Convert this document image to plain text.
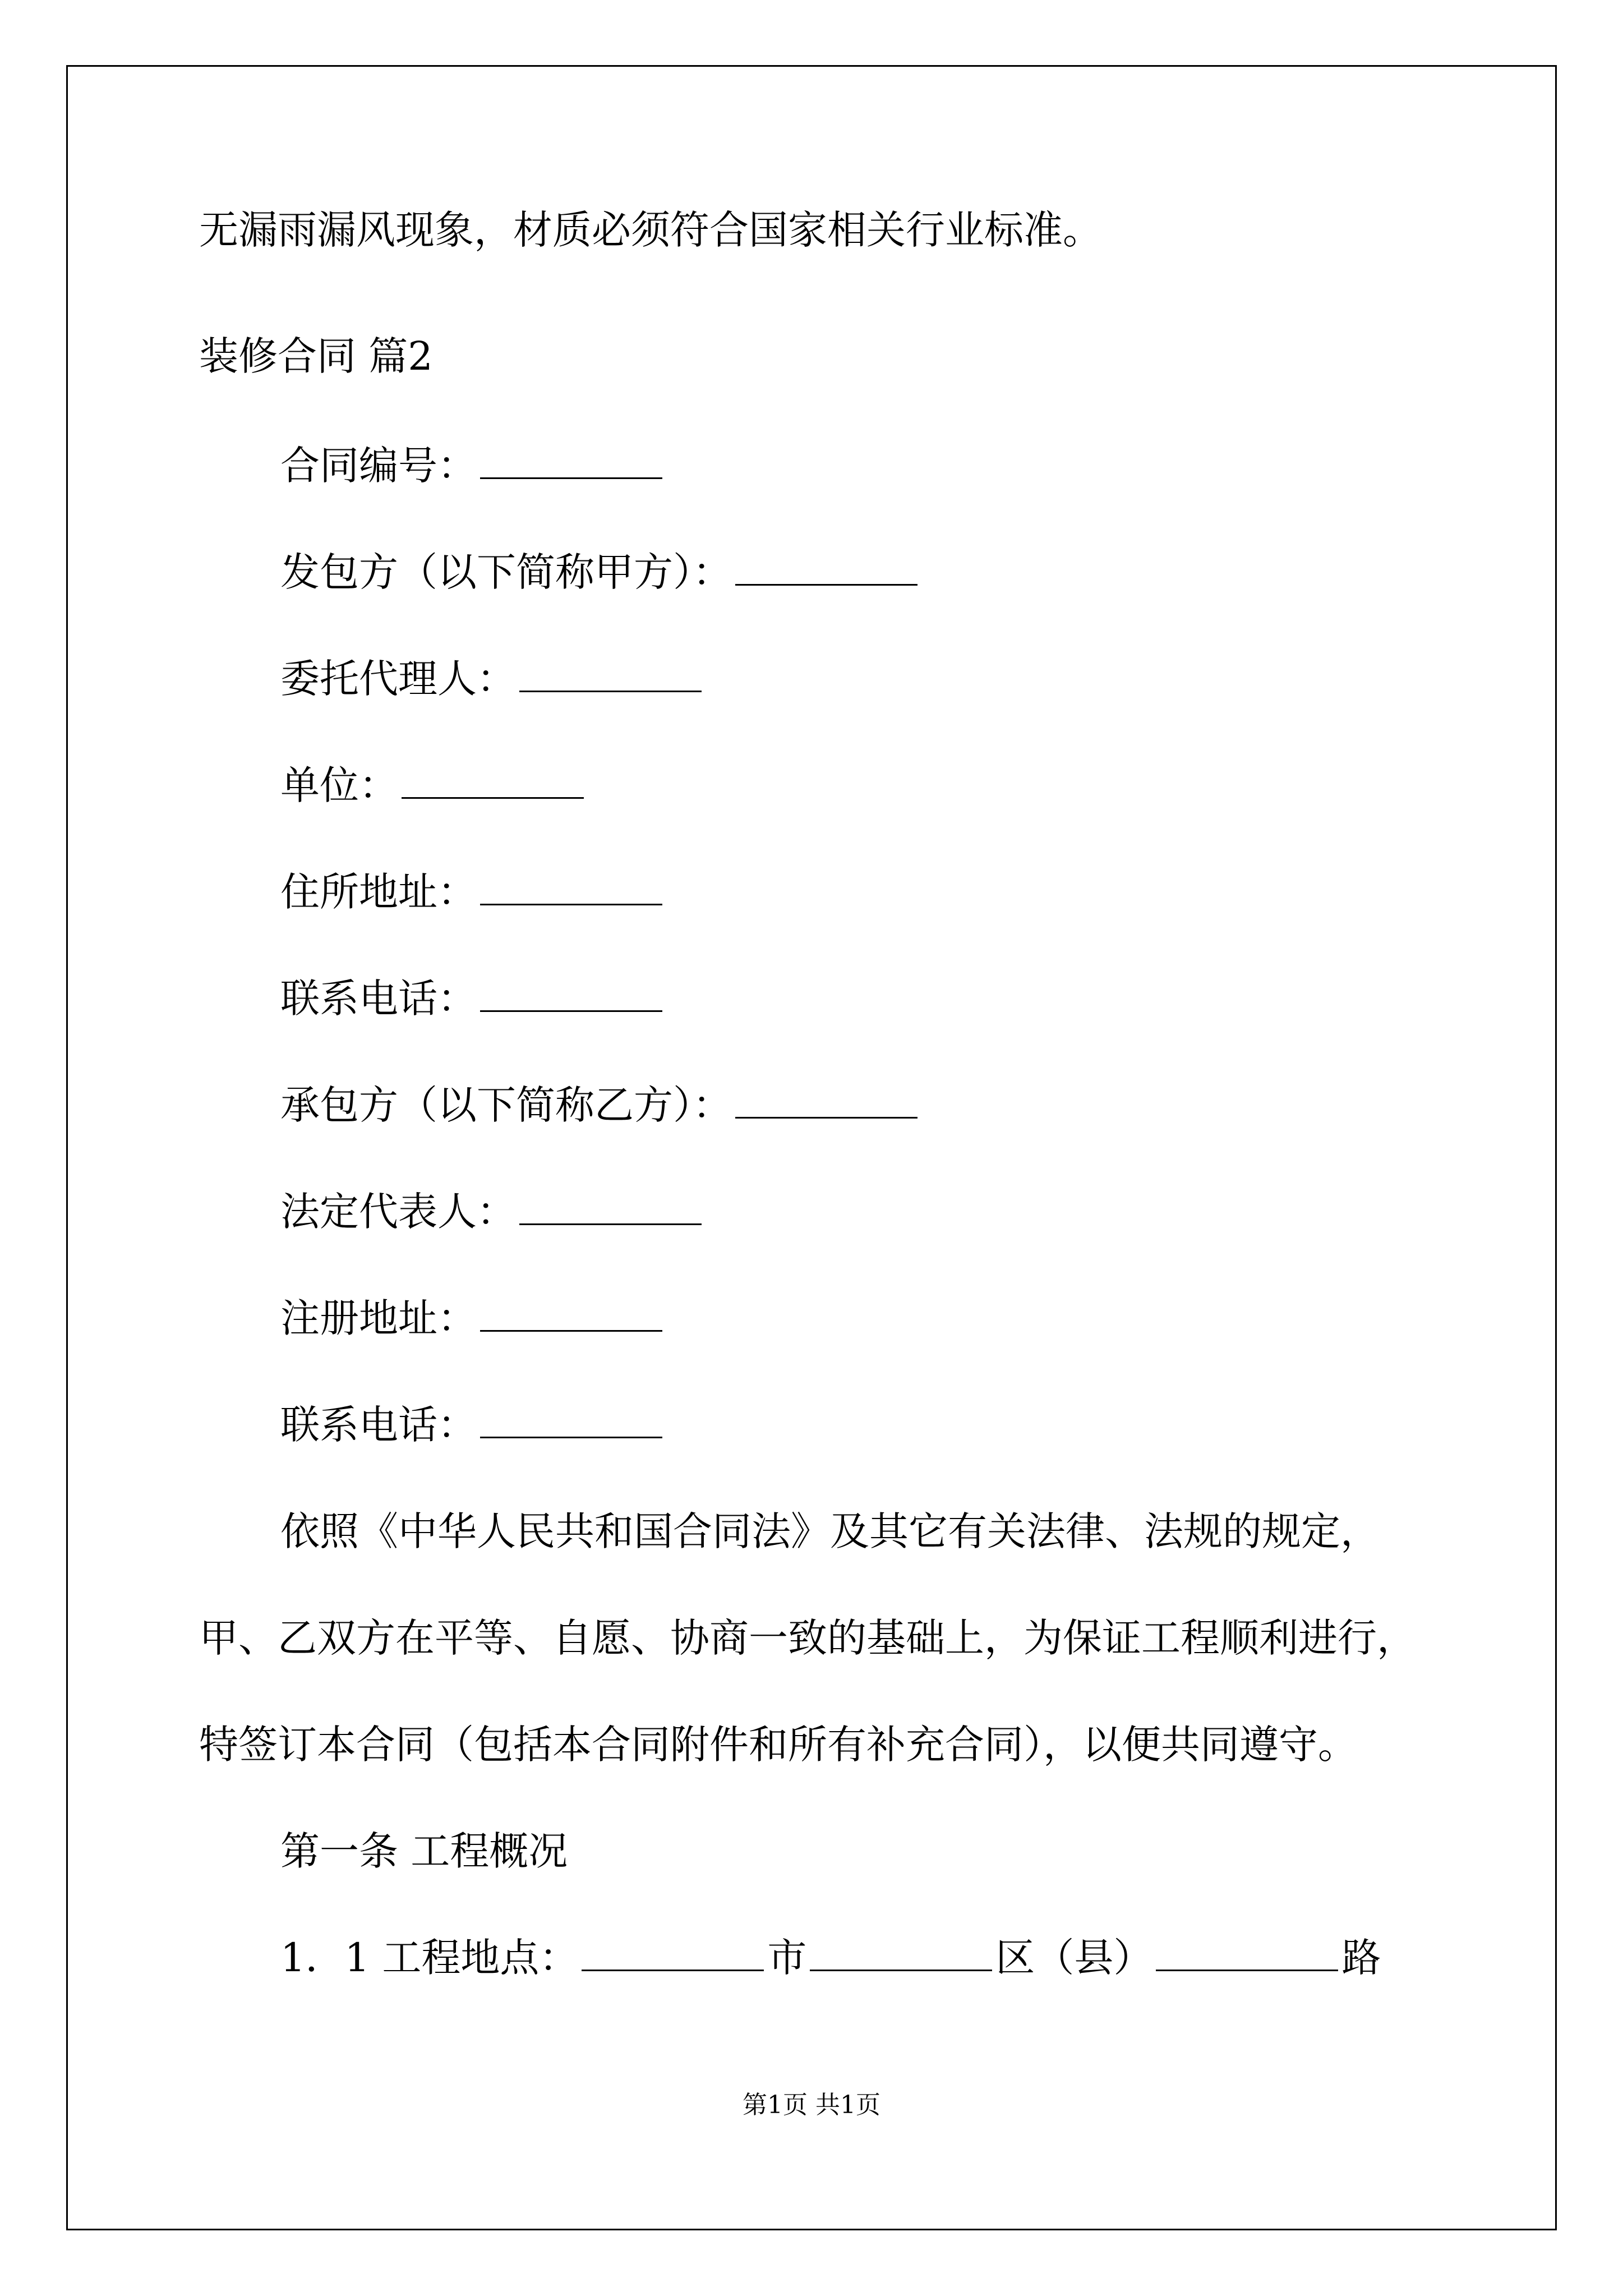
无漏雨漏风现象，材质必须符合国家相关行业标准。
装修合同 篇2
合同编号：
发包方（以下简称甲方）：
委托代理人：
单位：
住所地址：
联系电话：
承包方（以下简称乙方）：
法定代表人：
注册地址：
联系电话：
依照《中华人民共和国合同法》及其它有关法律、法规的规定，
甲、乙双方在平等、自愿、协商一致的基础上，为保证工程顺利进行，
特签订本合同（包括本合同附件和所有补充合同），以便共同遵守。
第一条 工程概况
1．1 工程地点：	市	区（县）	路
第1页 共1页
